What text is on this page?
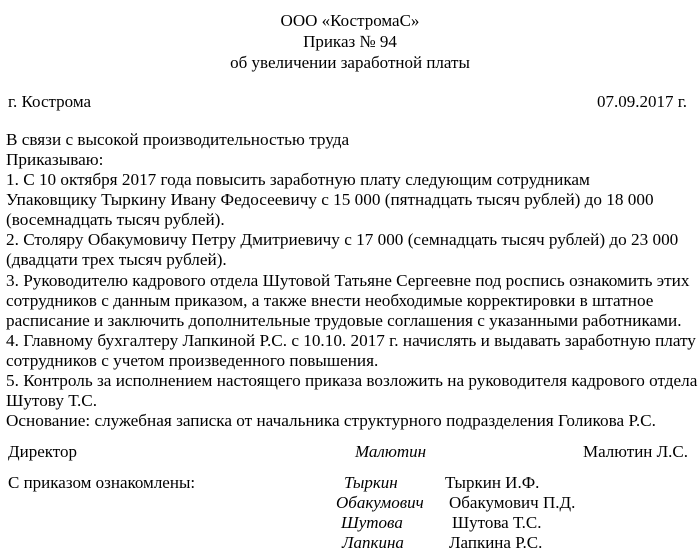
ООО «КостромаС»
Приказ № 94
об увеличении заработной платы
г. Кострома	07.09.2017 г.
В связи с высокой производительностью труда
Приказываю:
1. С 10 октября 2017 года повысить заработную плату следующим сотрудникам
Упаковщику Тыркину Ивану Федосеевичу с 15 000 (пятнадцать тысяч рублей) до 18 000
(восемнадцать тысяч рублей).
2. Столяру Обакумовичу Петру Дмитриевичу с 17 000 (семнадцать тысяч рублей) до 23 000
(двадцати трех тысяч рублей).
3. Руководителю кадрового отдела Шутовой Татьяне Сергеевне под роспись ознакомить этих
сотрудников с данным приказом, а также внести необходимые корректировки в штатное
расписание и заключить дополнительные трудовые соглашения с указанными работниками.
4. Главному бухгалтеру Лапкиной Р.С. с 10.10. 2017 г. начислять и выдавать заработную плату
сотрудников с учетом произведенного повышения.
5. Контроль за исполнением настоящего приказа возложить на руководителя кадрового отдела
Шутову Т.С.
Основание: служебная записка от начальника структурного подразделения Голикова Р.С.
Директор	Малютин	Малютин Л.С.
С приказом ознакомлены:	Тыркин	Тыркин И.Ф.
Обакумович Обакумович П.Д.
Шутова	Шутова Т.С.
Лапкина	Лапкина Р.С.
